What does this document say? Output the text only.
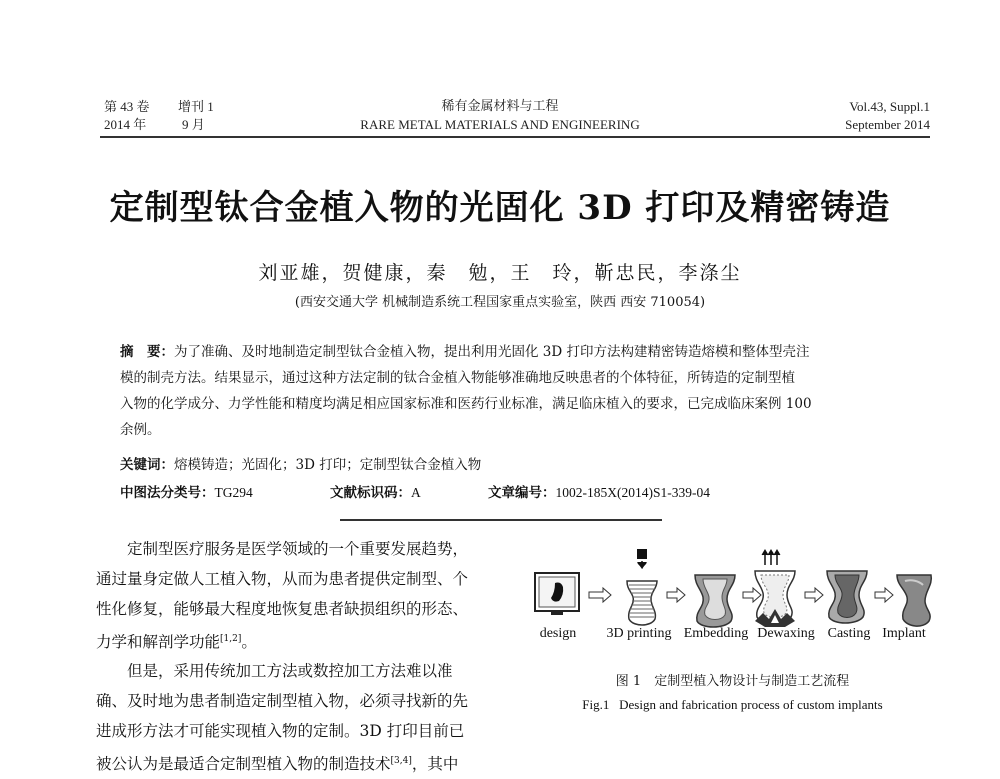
第 43 卷 增刊 1
2014 年	9 月
稀有金属材料与工程
RARE METAL MATERIALS AND ENGINEERING
Vol.43, Suppl.1
September 2014
定制型钛合金植入物的光固化 3D 打印及精密铸造
刘亚雄，贺健康，秦　勉，王　玲，靳忠民，李涤尘
(西安交通大学 机械制造系统工程国家重点实验室，陕西 西安 710054)
摘　要：为了准确、及时地制造定制型钛合金植入物，提出利用光固化 3D 打印方法构建精密铸造熔模和整体型壳注
模的制壳方法。结果显示，通过这种方法定制的钛合金植入物能够准确地反映患者的个体特征，所铸造的定制型植
入物的化学成分、力学性能和精度均满足相应国家标准和医药行业标准，满足临床植入的要求，已完成临床案例 100
余例。
关键词：熔模铸造；光固化；3D 打印；定制型钛合金植入物
中图法分类号：TG294	文献标识码：A	文章编号：1002-185X(2014)S1-339-04
定制型医疗服务是医学领域的一个重要发展趋势，
通过量身定做人工植入物，从而为患者提供定制型、个
性化修复，能够最大程度地恢复患者缺损组织的形态、
力学和解剖学功能[1,2]。
但是，采用传统加工方法或数控加工方法难以准
确、及时地为患者制造定制型植入物，必须寻找新的先
进成形方法才可能实现植入物的定制。3D 打印目前已
被公认为是最适合定制型植入物的制造技术[3,4]，其中
design	3D printing Embedding Dewaxing Casting Implant
图 1　定制型植入物设计与制造工艺流程
Fig.1 Design and fabrication process of custom implants
